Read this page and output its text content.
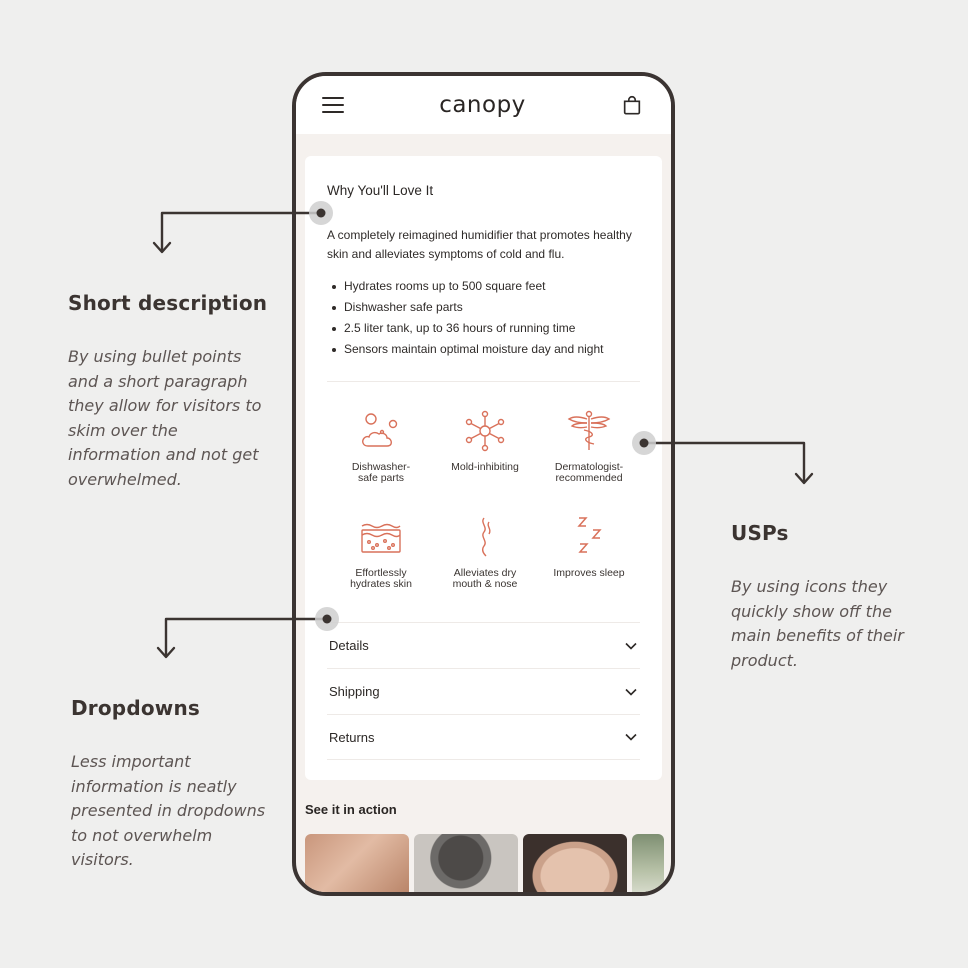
Short description
By using bullet points and a short paragraph they allow for visitors to skim over the information and not get overwhelmed.
USPs
By using icons they quickly show off the main benefits of their product.
Dropdowns
Less important information is neatly presented in dropdowns to not overwhelm visitors.
canopy
Why You'll Love It

A completely reimagined humidifier that promotes healthy skin and alleviates symptoms of cold and flu.

Hydrates rooms up to 500 square feet
Dishwasher safe parts
2.5 liter tank, up to 36 hours of running time
Sensors maintain optimal moisture day and night
Dishwasher-
safe parts
Mold-inhibiting	Dermatologist-
recommended
Effortlessly
hydrates skin
Alleviates dry
mouth & nose
Improves sleep
Details
Shipping
Returns
See it in action
